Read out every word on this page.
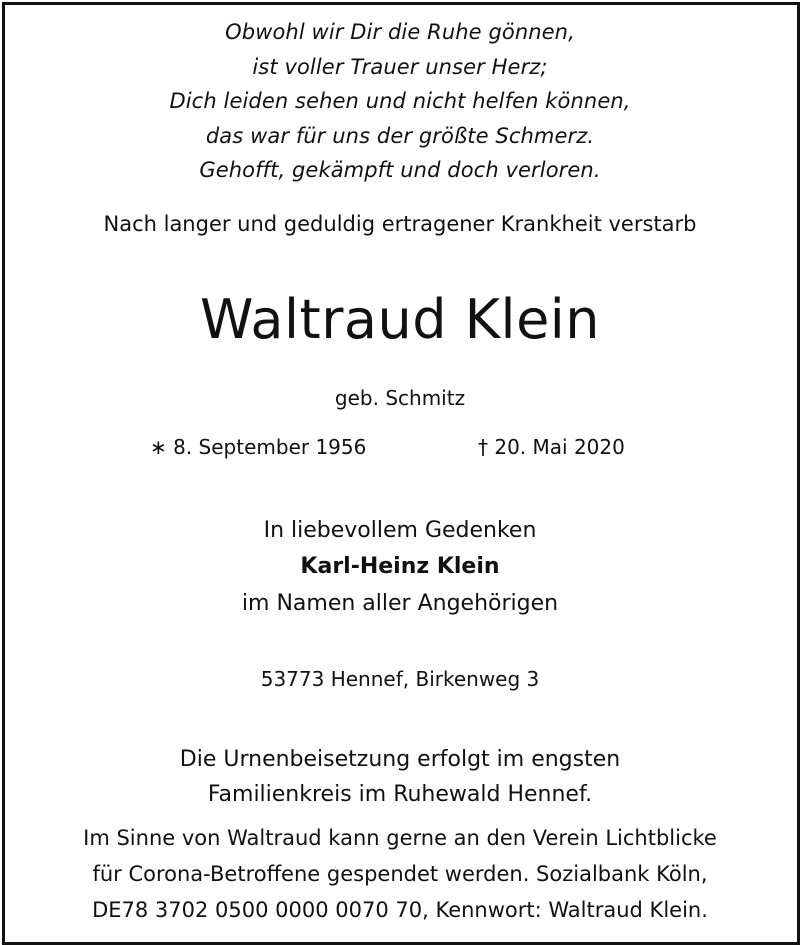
Obwohl wir Dir die Ruhe gönnen,
ist voller Trauer unser Herz;
Dich leiden sehen und nicht helfen können,
das war für uns der größte Schmerz.
Gehofft, gekämpft und doch verloren.
Nach langer und geduldig ertragener Krankheit verstarb
Waltraud Klein
geb. Schmitz
∗ 8. September 1956	† 20. Mai 2020
In liebevollem Gedenken
Karl-Heinz Klein
im Namen aller Angehörigen
53773 Hennef, Birkenweg 3
Die Urnenbeisetzung erfolgt im engsten
Familienkreis im Ruhewald Hennef.
Im Sinne von Waltraud kann gerne an den Verein Lichtblicke
für Corona-Betroffene gespendet werden. Sozialbank Köln,
DE78 3702 0500 0000 0070 70, Kennwort: Waltraud Klein.
